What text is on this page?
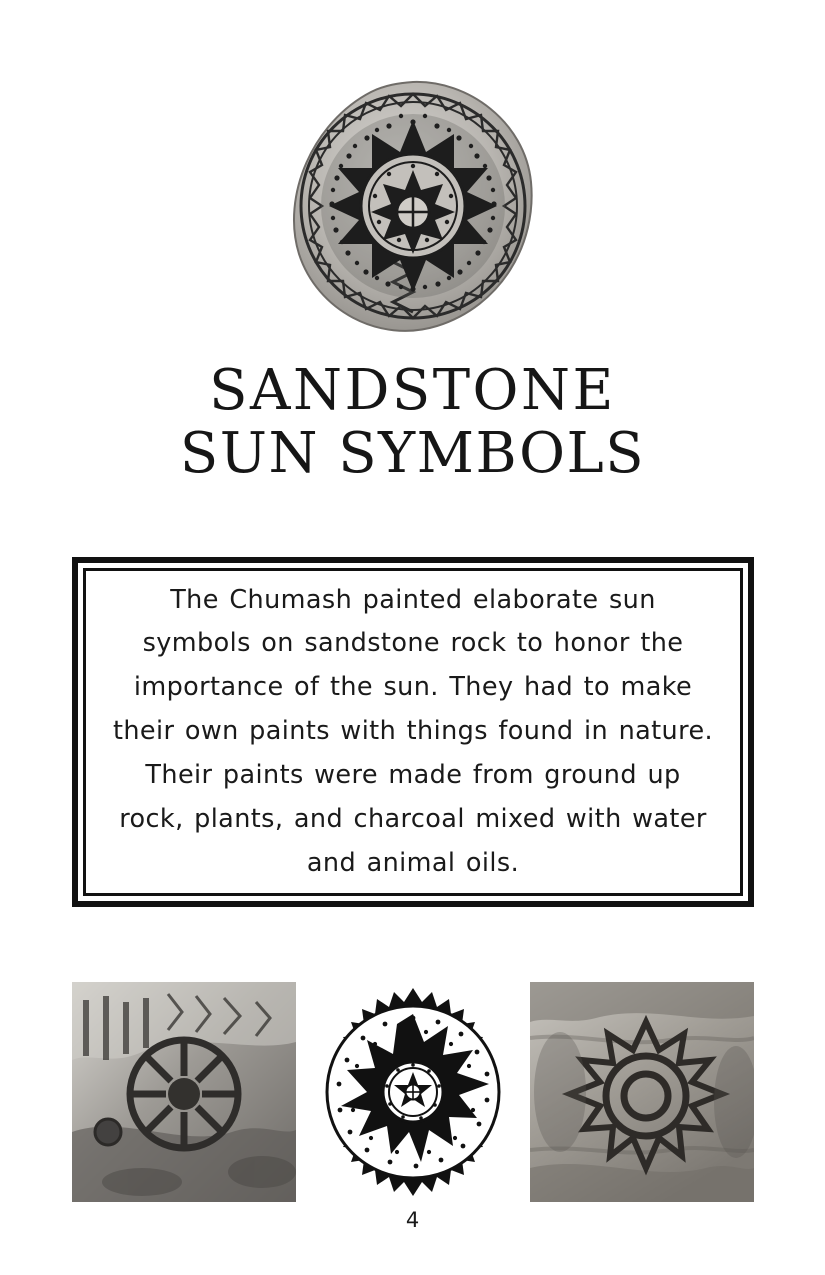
SANDSTONE
SUN SYMBOLS

The Chumash painted elaborate sun symbols on sandstone rock to honor the importance of the sun. They had to make their own paints with things found in nature. Their paints were made from ground up rock, plants, and charcoal mixed with water and animal oils.

4
